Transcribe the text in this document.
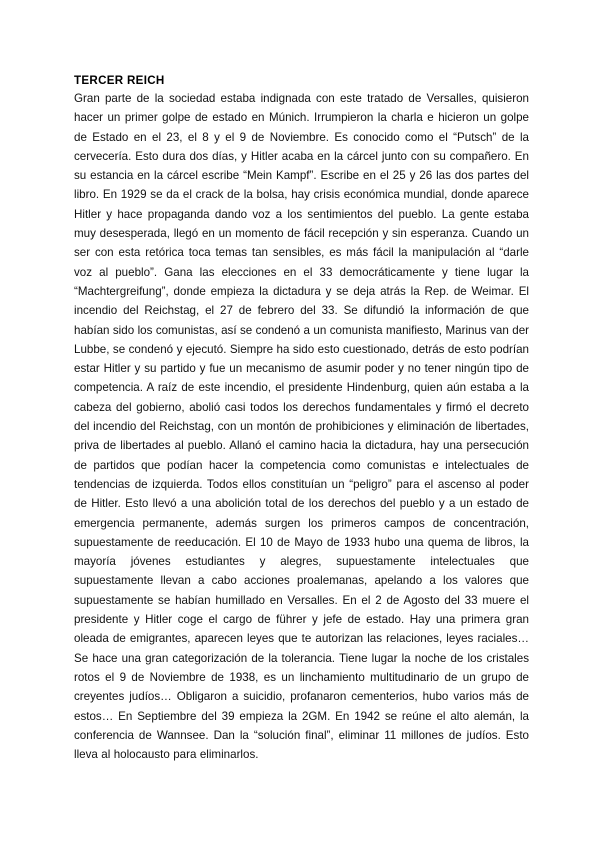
TERCER REICH

Gran parte de la sociedad estaba indignada con este tratado de Versalles, quisieron hacer un primer golpe de estado en Múnich. Irrumpieron la charla e hicieron un golpe de Estado en el 23, el 8 y el 9 de Noviembre. Es conocido como el “Putsch” de la cervecería. Esto dura dos días, y Hitler acaba en la cárcel junto con su compañero. En su estancia en la cárcel escribe “Mein Kampf”. Escribe en el 25 y 26 las dos partes del libro. En 1929 se da el crack de la bolsa, hay crisis económica mundial, donde aparece Hitler y hace propaganda dando voz a los sentimientos del pueblo. La gente estaba muy desesperada, llegó en un momento de fácil recepción y sin esperanza. Cuando un ser con esta retórica toca temas tan sensibles, es más fácil la manipulación al “darle voz al pueblo”. Gana las elecciones en el 33 democráticamente y tiene lugar la “Machtergreifung”, donde empieza la dictadura y se deja atrás la Rep. de Weimar. El incendio del Reichstag, el 27 de febrero del 33. Se difundió la información de que habían sido los comunistas, así se condenó a un comunista manifiesto, Marinus van der Lubbe, se condenó y ejecutó. Siempre ha sido esto cuestionado, detrás de esto podrían estar Hitler y su partido y fue un mecanismo de asumir poder y no tener ningún tipo de competencia. A raíz de este incendio, el presidente Hindenburg, quien aún estaba a la cabeza del gobierno, abolió casi todos los derechos fundamentales y firmó el decreto del incendio del Reichstag, con un montón de prohibiciones y eliminación de libertades, priva de libertades al pueblo. Allanó el camino hacia la dictadura, hay una persecución de partidos que podían hacer la competencia como comunistas e intelectuales de tendencias de izquierda. Todos ellos constituían un “peligro” para el ascenso al poder de Hitler. Esto llevó a una abolición total de los derechos del pueblo y a un estado de emergencia permanente, además surgen los primeros campos de concentración, supuestamente de reeducación. El 10 de Mayo de 1933 hubo una quema de libros, la mayoría jóvenes estudiantes y alegres, supuestamente intelectuales que supuestamente llevan a cabo acciones proalemanas, apelando a los valores que supuestamente se habían humillado en Versalles. En el 2 de Agosto del 33 muere el presidente y Hitler coge el cargo de führer y jefe de estado. Hay una primera gran oleada de emigrantes, aparecen leyes que te autorizan las relaciones, leyes raciales… Se hace una gran categorización de la tolerancia. Tiene lugar la noche de los cristales rotos el 9 de Noviembre de 1938, es un linchamiento multitudinario de un grupo de creyentes judíos… Obligaron a suicidio, profanaron cementerios, hubo varios más de estos… En Septiembre del 39 empieza la 2GM. En 1942 se reúne el alto alemán, la conferencia de Wannsee. Dan la “solución final”, eliminar 11 millones de judíos. Esto lleva al holocausto para eliminarlos.
